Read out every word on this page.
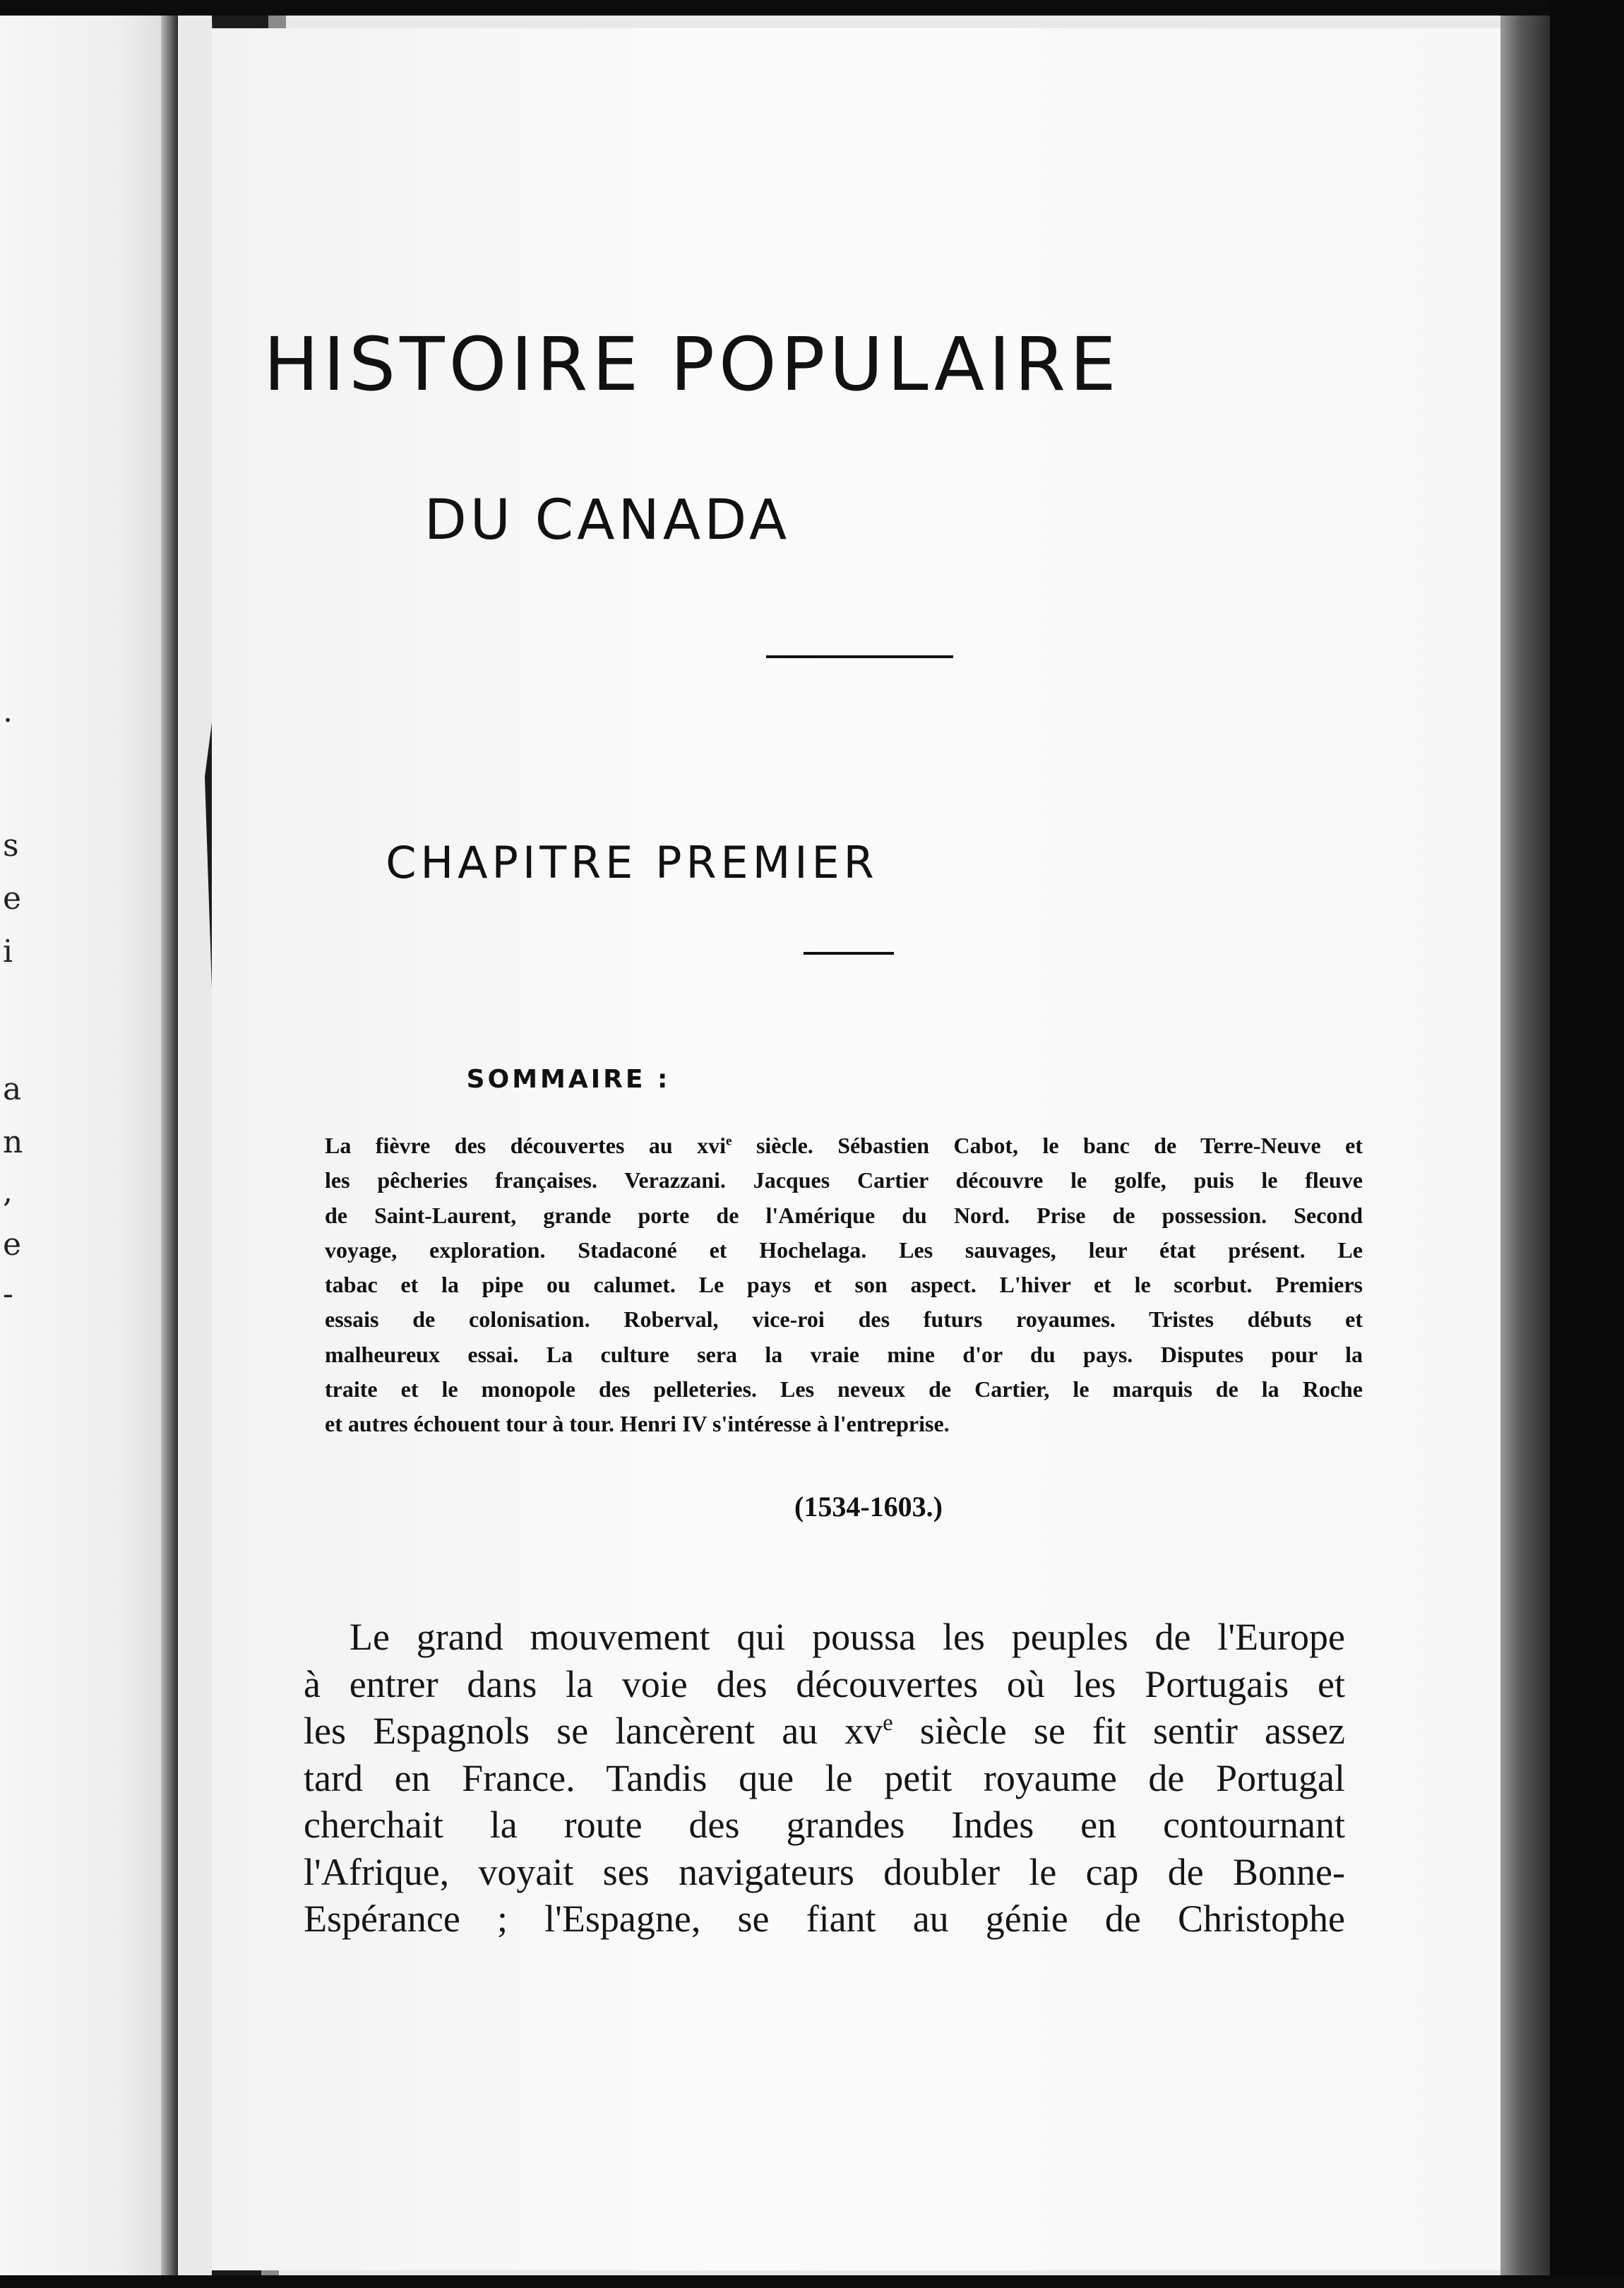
.
s
e
i
a
n
,
e
-
HISTOIRE POPULAIRE
DU CANADA
CHAPITRE PREMIER
SOMMAIRE :
La fièvre des découvertes au xvi$^e$ siècle. Sébastien Cabot, le banc de Terre-Neuve et
les pêcheries françaises. Verazzani. Jacques Cartier découvre le golfe, puis le fleuve
de Saint-Laurent, grande porte de l'Amérique du Nord. Prise de possession. Second
voyage, exploration. Stadaconé et Hochelaga. Les sauvages, leur état présent. Le
tabac et la pipe ou calumet. Le pays et son aspect. L'hiver et le scorbut. Premiers
essais de colonisation. Roberval, vice-roi des futurs royaumes. Tristes débuts et
malheureux essai. La culture sera la vraie mine d'or du pays. Disputes pour la
traite et le monopole des pelleteries. Les neveux de Cartier, le marquis de la Roche
et autres échouent tour à tour. Henri IV s'intéresse à l'entreprise.
(1534-1603.)
Le grand mouvement qui poussa les peuples de l'Europe
à entrer dans la voie des découvertes où les Portugais et
les Espagnols se lancèrent au $xv^e$ siècle se fit sentir assez
tard en France. Tandis que le petit royaume de Portugal
cherchait la route des grandes Indes en contournant
l'Afrique, voyait ses navigateurs doubler le cap de Bonne-
Espérance ; l'Espagne, se fiant au génie de Christophe
